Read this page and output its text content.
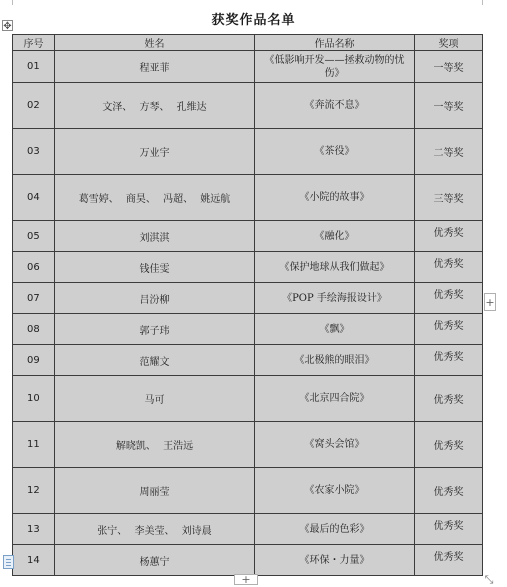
✥	获奖作品名单
序号	姓名	作品名称	奖项
01	程亚菲	《低影响开发——拯救动物的忧伤》	一等奖
02	文泽、 方琴、 孔维达	《奔流不息》	一等奖
03	万业宇	《茶役》	二等奖
04	葛雪婷、 商昊、 冯超、 姚远航	《小院的故事》	三等奖
05	刘淇淇	《融化》	优秀奖
06	钱佳雯	《保护地球从我们做起》	优秀奖
07	吕汾柳	《POP 手绘海报设计》	优秀奖
08	郭子玮	《飘》	优秀奖
09	范耀文	《北极熊的眼泪》	优秀奖
10	马可	《北京四合院》	优秀奖
11	解晓凯、 王浩远	《窝头会馆》	优秀奖
12	周丽莹	《农家小院》	优秀奖
13	张宁、 李美莹、 刘诗晨	《最后的色彩》	优秀奖
14	杨蕙宁	《环保・力量》	优秀奖
+
+	⤡
